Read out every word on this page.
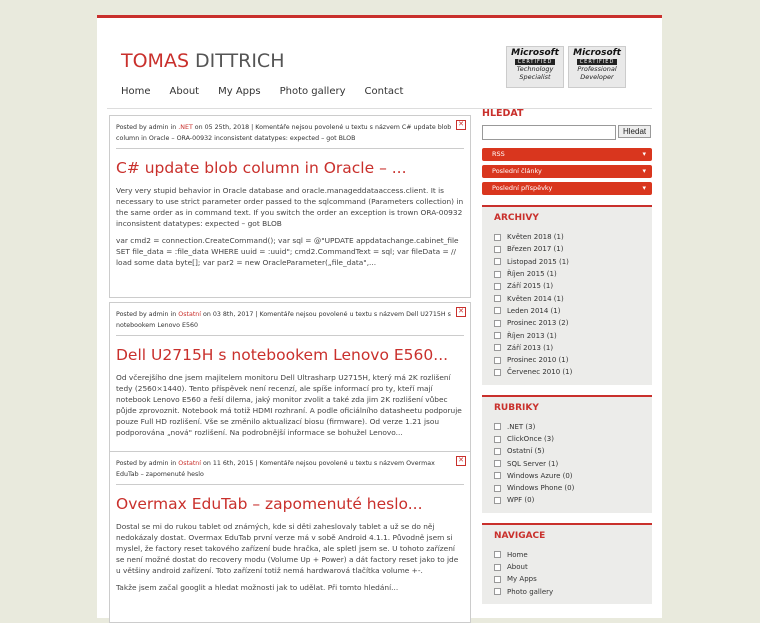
TOMAS DITTRICH	Microsoft
CERTIFIED
Technology
Specialist
Microsoft
CERTIFIED
Professional
Developer
Home About My Apps Photo gallery Contact
Posted by admin in .NET on 05 25th, 2018 | Komentáře nejsou povolené u textu s názvem C# update blob column in Oracle – ORA-00932 inconsistent datatypes: expected – got BLOB
✕
C# update blob column in Oracle – ...

Very very stupid behavior in Oracle database and oracle.manageddataaccess.client. It is necessary to use strict parameter order passed to the sqlcommand (Parameters collection) in the same order as in command text. If you switch the order an exception is trown ORA-00932 inconsistent datatypes: expected – got BLOB

var cmd2 = connection.CreateCommand(); var sql = @"UPDATE appdatachange.cabinet_file SET file_data = :file_data WHERE uuid = :uuid"; cmd2.CommandText = sql; var fileData = // load some data byte[]; var par2 = new OracleParameter(„file_data",...

Posted by admin in Ostatní on 03 8th, 2017 | Komentáře nejsou povolené u textu s názvem Dell U2715H s notebookem Lenovo E560
✕
Dell U2715H s notebookem Lenovo E560...

Od včerejšího dne jsem majitelem monitoru Dell Ultrasharp U2715H, který má 2K rozlišení tedy (2560×1440). Tento příspěvek není recenzí, ale spíše informací pro ty, kteří mají notebook Lenovo E560 a řeší dilema, jaký monitor zvolit a také zda jim 2K rozlišení vůbec půjde zprovoznit. Notebook má totiž HDMI rozhraní. A podle oficiálního datasheetu podporuje pouze Full HD rozlišení. Vše se změnilo aktualizací biosu (firmware). Od verze 1.21 jsou podporována „nová" rozlišení. Na podrobnější informace se bohužel Lenovo...

Posted by admin in Ostatní on 11 6th, 2015 | Komentáře nejsou povolené u textu s názvem Overmax EduTab – zapomenuté heslo
✕
Overmax EduTab – zapomenuté heslo...

Dostal se mi do rukou tablet od známých, kde si děti zaheslovaly tablet a už se do něj nedokázaly dostat. Overmax EduTab první verze má v sobě Android 4.1.1. Původně jsem si myslel, že factory reset takového zařízení bude hračka, ale spletl jsem se. U tohoto zařízení se není možné dostat do recovery modu (Volume Up + Power) a dát factory reset jako to jde u většiny android zařízení. Toto zařízení totiž nemá hardwarová tlačítka volume +-.

Takže jsem začal googlit a hledat možnosti jak to udělat. Při tomto hledání...

HLEDAT
Hledat
RSS	▾
Poslední články	▾
Poslední příspěvky	▾
ARCHIVY
Květen 2018 (1)
Březen 2017 (1)
Listopad 2015 (1)
Říjen 2015 (1)
Září 2015 (1)
Květen 2014 (1)
Leden 2014 (1)
Prosinec 2013 (2)
Říjen 2013 (1)
Září 2013 (1)
Prosinec 2010 (1)
Červenec 2010 (1)
RUBRIKY
.NET (3)
ClickOnce (3)
Ostatní (5)
SQL Server (1)
Windows Azure (0)
Windows Phone (0)
WPF (0)
NAVIGACE
Home
About
My Apps
Photo gallery
